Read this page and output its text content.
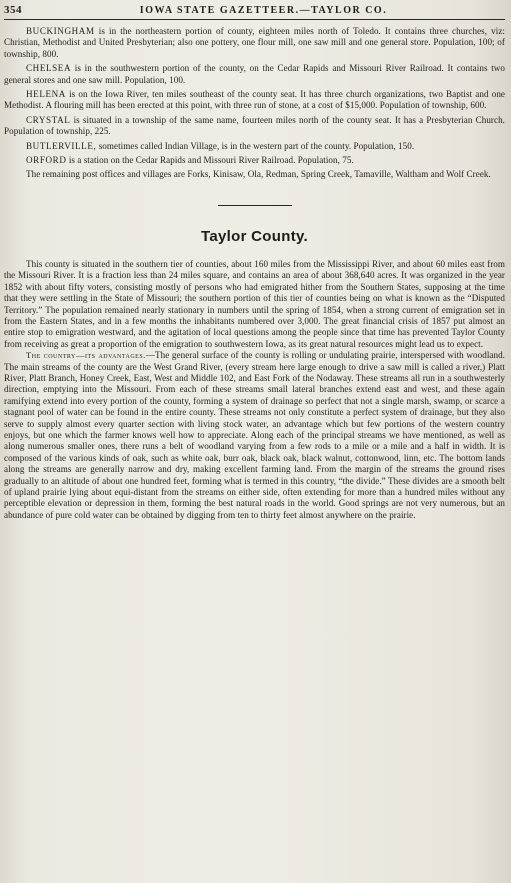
354	IOWA STATE GAZETTEER.—TAYLOR CO.

BUCKINGHAM is in the northeastern portion of county, eighteen miles north of Toledo. It contains three churches, viz: Christian, Methodist and United Presbyterian; also one pottery, one flour mill, one saw mill and one general store. Population, 100; of township, 800.

CHELSEA is in the southwestern portion of the county, on the Cedar Rapids and Missouri River Railroad. It contains two general stores and one saw mill. Population, 100.

HELENA is on the Iowa River, ten miles southeast of the county seat. It has three church organizations, two Baptist and one Methodist. A flouring mill has been erected at this point, with three run of stone, at a cost of $15,000. Population of township, 600.

CRYSTAL is situated in a township of the same name, fourteen miles north of the county seat. It has a Presbyterian Church. Population of township, 225.

BUTLERVILLE, sometimes called Indian Village, is in the western part of the county. Population, 150.

ORFORD is a station on the Cedar Rapids and Missouri River Railroad. Population, 75.

The remaining post offices and villages are Forks, Kinisaw, Ola, Redman, Spring Creek, Tamaville, Waltham and Wolf Creek.

Taylor County.

This county is situated in the southern tier of counties, about 160 miles from the Mississippi River, and about 60 miles east from the Missouri River. It is a fraction less than 24 miles square, and contains an area of about 368,640 acres. It was organized in the year 1852 with about fifty voters, consisting mostly of persons who had emigrated hither from the Southern States, supposing at the time that they were settling in the State of Missouri; the southern portion of this tier of counties being on what is known as the “Disputed Territory.” The population remained nearly stationary in numbers until the spring of 1854, when a strong current of emigration set in from the Eastern States, and in a few months the inhabitants numbered over 3,000. The great financial crisis of 1857 put almost an entire stop to emigration westward, and the agitation of local questions among the people since that time has prevented Taylor County from receiving as great a proportion of the emigration to southwestern Iowa, as its great natural resources might lead us to expect.

The country—its advantages.—The general surface of the county is rolling or undulating prairie, interspersed with woodland. The main streams of the county are the West Grand River, (every stream here large enough to drive a saw mill is called a river,) Platt River, Platt Branch, Honey Creek, East, West and Middle 102, and East Fork of the Nodaway. These streams all run in a southwesterly direction, emptying into the Missouri. From each of these streams small lateral branches extend east and west, and these again ramifying extend into every portion of the county, forming a system of drainage so perfect that not a single marsh, swamp, or scarce a stagnant pool of water can be found in the entire county. These streams not only constitute a perfect system of drainage, but they also serve to supply almost every quarter section with living stock water, an advantage which but few portions of the western country enjoys, but one which the farmer knows well how to appreciate. Along each of the principal streams we have mentioned, as well as along numerous smaller ones, there runs a belt of woodland varying from a few rods to a mile or a mile and a half in width. It is composed of the various kinds of oak, such as white oak, burr oak, black oak, black walnut, cottonwood, linn, etc. The bottom lands along the streams are generally narrow and dry, making excellent farming land. From the margin of the streams the ground rises gradually to an altitude of about one hundred feet, forming what is termed in this country, “the divide.” These divides are a smooth belt of upland prairie lying about equi-distant from the streams on either side, often extending for more than a hundred miles without any perceptible elevation or depression in them, forming the best natural roads in the world. Good springs are not very numerous, but an abundance of pure cold water can be obtained by digging from ten to thirty feet almost anywhere on the prairie.
